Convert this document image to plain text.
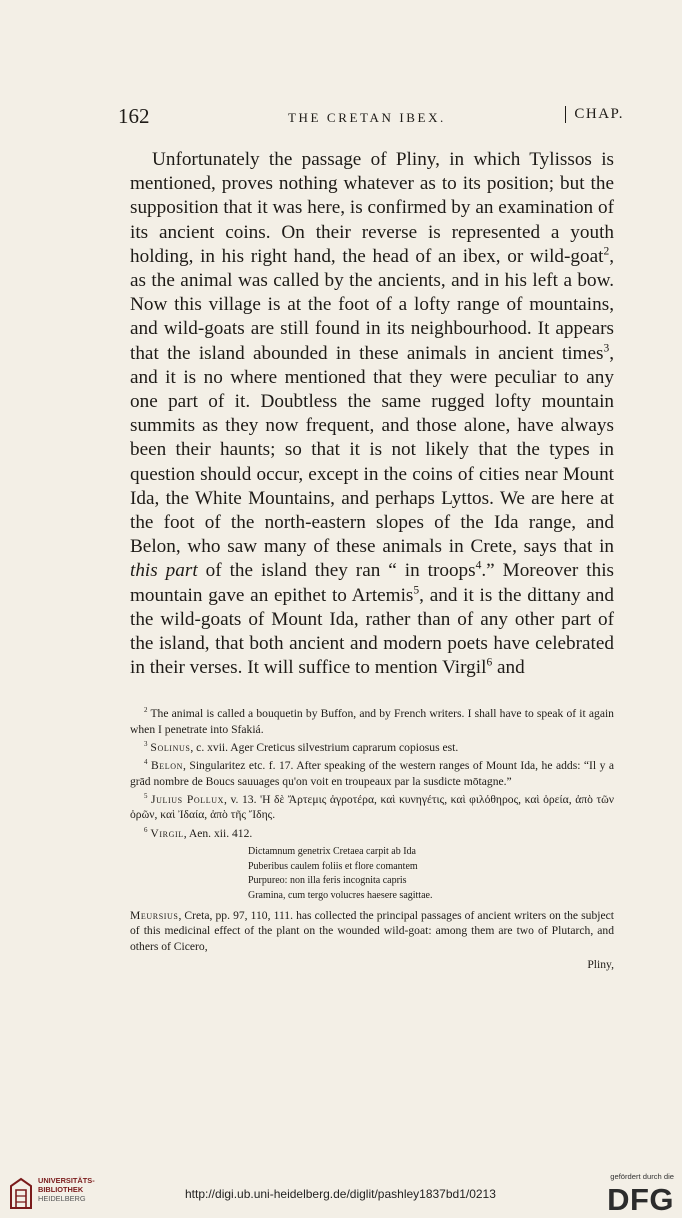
162	THE CRETAN IBEX.	CHAP.

Unfortunately the passage of Pliny, in which Tylissos is mentioned, proves nothing whatever as to its position; but the supposition that it was here, is confirmed by an examination of its ancient coins. On their reverse is represented a youth holding, in his right hand, the head of an ibex, or wild-goat$^2$, as the animal was called by the ancients, and in his left a bow. Now this village is at the foot of a lofty range of mountains, and wild-goats are still found in its neighbourhood. It appears that the island abounded in these animals in ancient times$^3$, and it is no where mentioned that they were peculiar to any one part of it. Doubtless the same rugged lofty mountain summits as they now frequent, and those alone, have always been their haunts; so that it is not likely that the types in question should occur, except in the coins of cities near Mount Ida, the White Mountains, and perhaps Lyttos. We are here at the foot of the north-eastern slopes of the Ida range, and Belon, who saw many of these animals in Crete, says that in this part of the island they ran “ in troops$^4$.” Moreover this mountain gave an epithet to Artemis$^5$, and it is the dittany and the wild-goats of Mount Ida, rather than of any other part of the island, that both ancient and modern poets have celebrated in their verses. It will suffice to mention Virgil$^6$ and

$^2$ The animal is called a bouquetin by Buffon, and by French writers. I shall have to speak of it again when I penetrate into Sfakiá.

$^3$ Solinus, c. xvii. Ager Creticus silvestrium caprarum copiosus est.

$^4$ Belon, Singularitez etc. f. 17. After speaking of the western ranges of Mount Ida, he adds: “Il y a grād nombre de Boucs sauuages qu'on voit en troupeaux par la susdicte mōtagne.”

$^5$ Julius Pollux, v. 13. 'Η δὲ Ἄρτεμις ἀγροτέρα, καὶ κυνηγέτις, καὶ φιλόθηρος, καὶ ὀρεία, ἀπὸ τῶν ὀρῶν, καὶ Ἰδαία, ἀπὸ τῆς Ἴδης.

$^6$ Virgil, Aen. xii. 412.

Dictamnum genetrix Cretaea carpit ab Ida
Puberibus caulem foliis et flore comantem
Purpureo: non illa feris incognita capris
Gramina, cum tergo volucres haesere sagittae.

Meursius, Creta, pp. 97, 110, 111. has collected the principal passages of ancient writers on the subject of this medicinal effect of the plant on the wounded wild-goat: among them are two of Plutarch, and others of Cicero,

Pliny,

UNIVERSITÄTS-
BIBLIOTHEK
HEIDELBERG	http://digi.ub.uni-heidelberg.de/diglit/pashley1837bd1/0213
gefördert durch die
DFG
